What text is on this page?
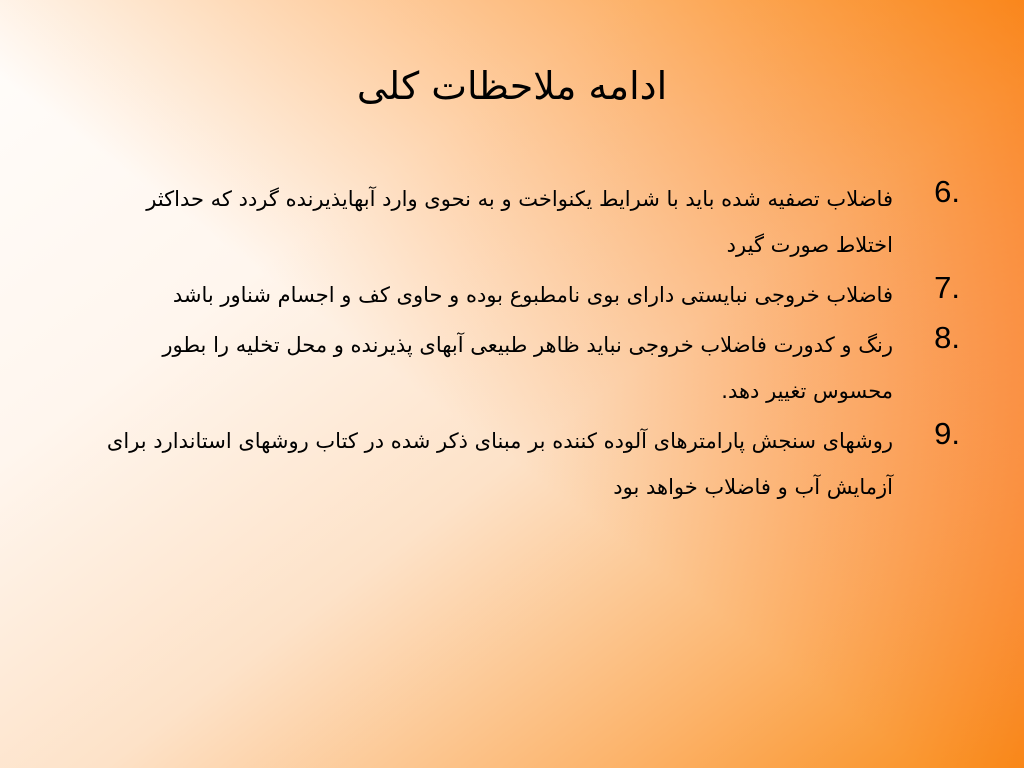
ادامه ملاحظات کلی
6.
فاضلاب تصفیه شده باید با شرایط یکنواخت و به نحوی وارد آبهایذیرنده گردد که حداکثر اختلاط صورت گیرد
7.
فاضلاب خروجی نبایستی دارای بوی نامطبوع بوده و حاوی کف و اجسام شناور باشد
8.
رنگ و کدورت فاضلاب خروجی نباید ظاهر طبیعی آبهای پذیرنده و محل تخلیه را بطور محسوس تغییر دهد.
9.
روشهای سنجش پارامترهای آلوده کننده بر مبنای ذکر شده در کتاب روشهای استاندارد برای آزمایش آب و فاضلاب خواهد بود
